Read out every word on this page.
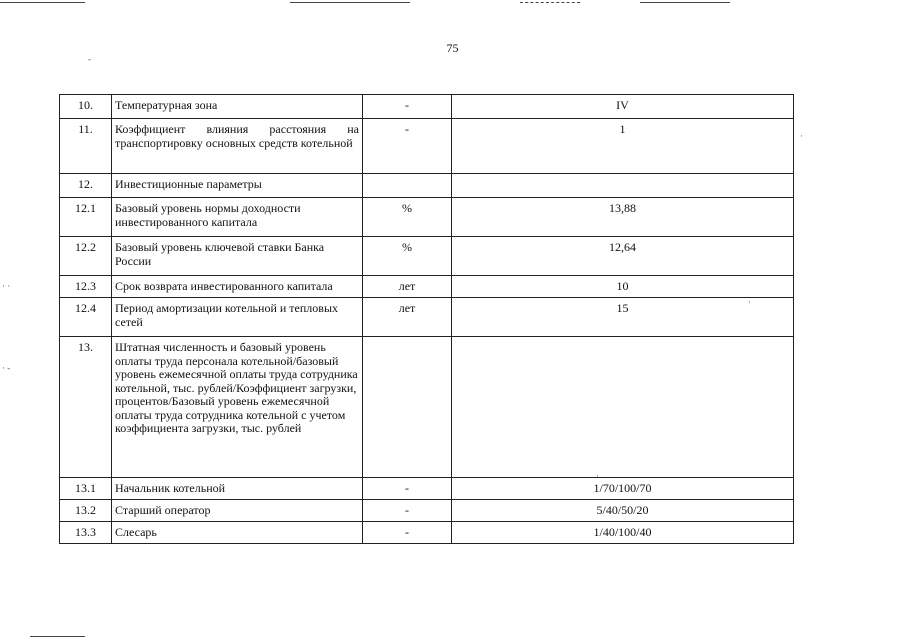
-
· ·
· -
·
·
·
75
10.	Температурная зона	-	IV
11.	Коэффициент влияния расстояния на транспортировку основных средств котельной	-	1
12.	Инвестиционные параметры		
12.1	Базовый уровень нормы доходности инвестированного капитала	%	13,88
12.2	Базовый уровень ключевой ставки Банка России	%	12,64
12.3	Срок возврата инвестированного капитала	лет	10
12.4	Период амортизации котельной и тепловых сетей	лет	15
13.	Штатная численность и базовый уровень оплаты труда персонала котельной/базовый уровень ежемесячной оплаты труда сотрудника котельной, тыс. рублей/Коэффициент загрузки, процентов/Базовый уровень ежемесячной оплаты труда сотрудника котельной с учетом коэффициента загрузки, тыс. рублей		
13.1	Начальник котельной	-	1/70/100/70
13.2	Старший оператор	-	5/40/50/20
13.3	Слесарь	-	1/40/100/40
